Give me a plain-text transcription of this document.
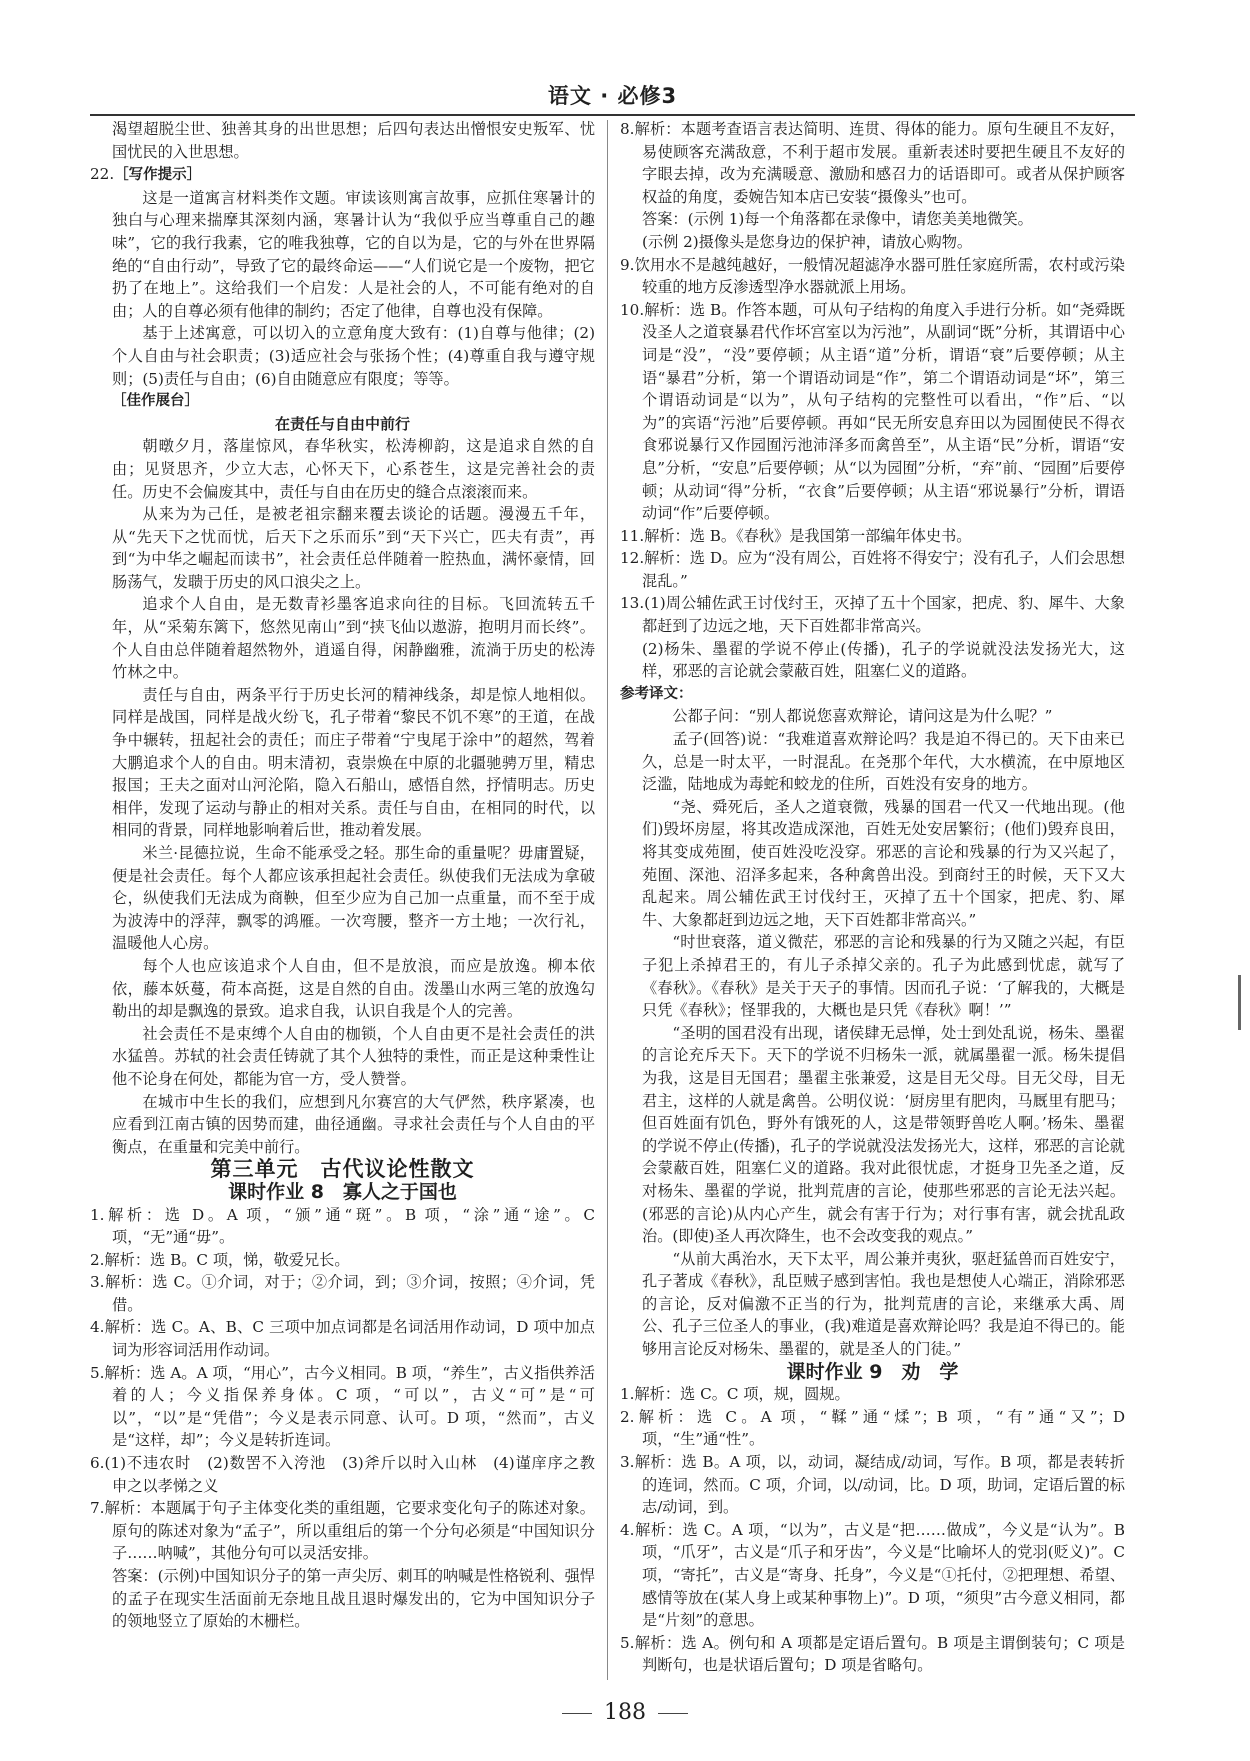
语文 · 必修3

渴望超脱尘世、独善其身的出世思想；后四句表达出憎恨安史叛军、忧国忧民的入世思想。

22.［写作提示］

这是一道寓言材料类作文题。审读该则寓言故事，应抓住寒暑计的独白与心理来揣摩其深刻内涵，寒暑计认为“我似乎应当尊重自己的趣味”，它的我行我素，它的唯我独尊，它的自以为是，它的与外在世界隔绝的“自由行动”，导致了它的最终命运——“人们说它是一个废物，把它扔了在地上”。这给我们一个启发：人是社会的人，不可能有绝对的自由；人的自尊必须有他律的制约；否定了他律，自尊也没有保障。

基于上述寓意，可以切入的立意角度大致有：(1)自尊与他律；(2)个人自由与社会职责；(3)适应社会与张扬个性；(4)尊重自我与遵守规则；(5)责任与自由；(6)自由随意应有限度；等等。

［佳作展台］

在责任与自由中前行

朝暾夕月，落崖惊风，春华秋实，松涛柳韵，这是追求自然的自由；见贤思齐，少立大志，心怀天下，心系苍生，这是完善社会的责任。历史不会偏废其中，责任与自由在历史的缝合点滚滚而来。

从来为为己任，是被老祖宗翻来覆去谈论的话题。漫漫五千年，从“先天下之忧而忧，后天下之乐而乐”到“天下兴亡，匹夫有责”，再到“为中华之崛起而读书”，社会责任总伴随着一腔热血，满怀豪情，回肠荡气，发聩于历史的风口浪尖之上。

追求个人自由，是无数青衫墨客追求向往的目标。飞回流转五千年，从“采菊东篱下，悠然见南山”到“挟飞仙以遨游，抱明月而长终”。个人自由总伴随着超然物外，逍遥自得，闲静幽雅，流淌于历史的松涛竹林之中。

责任与自由，两条平行于历史长河的精神线条，却是惊人地相似。同样是战国，同样是战火纷飞，孔子带着“黎民不饥不寒”的王道，在战争中辗转，扭起社会的责任；而庄子带着“宁曳尾于涂中”的超然，驾着大鹏追求个人的自由。明末清初，袁崇焕在中原的北疆驰骋万里，精忠报国；王夫之面对山河沦陷，隐入石船山，感悟自然，抒情明志。历史相伴，发现了运动与静止的相对关系。责任与自由，在相同的时代，以相同的背景，同样地影响着后世，推动着发展。

米兰·昆德拉说，生命不能承受之轻。那生命的重量呢？毋庸置疑，便是社会责任。每个人都应该承担起社会责任。纵使我们无法成为拿破仑，纵使我们无法成为商鞅，但至少应为自己加一点重量，而不至于成为波涛中的浮萍，飘零的鸿雁。一次弯腰，整齐一方土地；一次行礼，温暖他人心房。

每个人也应该追求个人自由，但不是放浪，而应是放逸。柳本依依，藤本妖蔓，荷本高挺，这是自然的自由。泼墨山水两三笔的放逸勾勒出的却是飘逸的景致。追求自我，认识自我是个人的完善。

社会责任不是束缚个人自由的枷锁，个人自由更不是社会责任的洪水猛兽。苏轼的社会责任铸就了其个人独特的秉性，而正是这种秉性让他不论身在何处，都能为官一方，受人赞誉。

在城市中生长的我们，应想到凡尔赛宫的大气俨然，秩序紧凑，也应看到江南古镇的因势而建，曲径通幽。寻求社会责任与个人自由的平衡点，在重量和完美中前行。

第三单元　古代议论性散文

课时作业 8　寡人之于国也

1.解析：选 D。A 项，“颁”通“斑”。B 项，“涂”通“途”。C 项，“无”通“毋”。

2.解析：选 B。C 项，悌，敬爱兄长。

3.解析：选 C。①介词，对于；②介词，到；③介词，按照；④介词，凭借。

4.解析：选 C。A、B、C 三项中加点词都是名词活用作动词，D 项中加点词为形容词活用作动词。

5.解析：选 A。A 项，“用心”，古今义相同。B 项，“养生”，古义指供养活着的人；今义指保养身体。C 项，“可以”，古义“可”是“可以”，“以”是“凭借”；今义是表示同意、认可。D 项，“然而”，古义是“这样，却”；今义是转折连词。

6.(1)不违农时　(2)数罟不入洿池　(3)斧斤以时入山林　(4)谨庠序之教　申之以孝悌之义

7.解析：本题属于句子主体变化类的重组题，它要求变化句子的陈述对象。原句的陈述对象为“孟子”，所以重组后的第一个分句必须是“中国知识分子……呐喊”，其他分句可以灵活安排。

答案：(示例)中国知识分子的第一声尖厉、刺耳的呐喊是性格锐利、强悍的孟子在现实生活面前无奈地且战且退时爆发出的，它为中国知识分子的领地竖立了原始的木栅栏。

8.解析：本题考查语言表达简明、连贯、得体的能力。原句生硬且不友好，易使顾客充满敌意，不利于超市发展。重新表述时要把生硬且不友好的字眼去掉，改为充满暖意、激励和感召力的话语即可。或者从保护顾客权益的角度，委婉告知本店已安装“摄像头”也可。

答案：(示例 1)每一个角落都在录像中，请您美美地微笑。

(示例 2)摄像头是您身边的保护神，请放心购物。

9.饮用水不是越纯越好，一般情况超滤净水器可胜任家庭所需，农村或污染较重的地方反渗透型净水器就派上用场。

10.解析：选 B。作答本题，可从句子结构的角度入手进行分析。如“尧舜既没圣人之道衰暴君代作坏宫室以为污池”，从副词“既”分析，其谓语中心词是“没”，“没”要停顿；从主语“道”分析，谓语“衰”后要停顿；从主语“暴君”分析，第一个谓语动词是“作”，第二个谓语动词是“坏”，第三个谓语动词是“以为”，从句子结构的完整性可以看出，“作”后、“以为”的宾语“污池”后要停顿。再如“民无所安息弃田以为园囿使民不得衣食邪说暴行又作园囿污池沛泽多而禽兽至”，从主语“民”分析，谓语“安息”分析，“安息”后要停顿；从“以为园囿”分析，“弃”前、“园囿”后要停顿；从动词“得”分析，“衣食”后要停顿；从主语“邪说暴行”分析，谓语动词“作”后要停顿。

11.解析：选 B。《春秋》是我国第一部编年体史书。

12.解析：选 D。应为“没有周公，百姓将不得安宁；没有孔子，人们会思想混乱。”

13.(1)周公辅佐武王讨伐纣王，灭掉了五十个国家，把虎、豹、犀牛、大象都赶到了边远之地，天下百姓都非常高兴。

(2)杨朱、墨翟的学说不停止(传播)，孔子的学说就没法发扬光大，这样，邪恶的言论就会蒙蔽百姓，阻塞仁义的道路。

参考译文：

公都子问：“别人都说您喜欢辩论，请问这是为什么呢？”

孟子(回答)说：“我难道喜欢辩论吗？我是迫不得已的。天下由来已久，总是一时太平，一时混乱。在尧那个年代，大水横流，在中原地区泛滥，陆地成为毒蛇和蛟龙的住所，百姓没有安身的地方。

“尧、舜死后，圣人之道衰微，残暴的国君一代又一代地出现。(他们)毁坏房屋，将其改造成深池，百姓无处安居繁衍；(他们)毁弃良田，将其变成苑囿，使百姓没吃没穿。邪恶的言论和残暴的行为又兴起了，苑囿、深池、沼泽多起来，各种禽兽出没。到商纣王的时候，天下又大乱起来。周公辅佐武王讨伐纣王，灭掉了五十个国家，把虎、豹、犀牛、大象都赶到边远之地，天下百姓都非常高兴。”

“时世衰落，道义微茫，邪恶的言论和残暴的行为又随之兴起，有臣子犯上杀掉君王的，有儿子杀掉父亲的。孔子为此感到忧虑，就写了《春秋》。《春秋》是关于天子的事情。因而孔子说：‘了解我的，大概是只凭《春秋》；怪罪我的，大概也是只凭《春秋》啊！’”

“圣明的国君没有出现，诸侯肆无忌惮，处士到处乱说，杨朱、墨翟的言论充斥天下。天下的学说不归杨朱一派，就属墨翟一派。杨朱提倡为我，这是目无国君；墨翟主张兼爱，这是目无父母。目无父母，目无君主，这样的人就是禽兽。公明仪说：‘厨房里有肥肉，马厩里有肥马；但百姓面有饥色，野外有饿死的人，这是带领野兽吃人啊。’杨朱、墨翟的学说不停止(传播)，孔子的学说就没法发扬光大，这样，邪恶的言论就会蒙蔽百姓，阻塞仁义的道路。我对此很忧虑，才挺身卫先圣之道，反对杨朱、墨翟的学说，批判荒唐的言论，使那些邪恶的言论无法兴起。(邪恶的言论)从内心产生，就会有害于行为；对行事有害，就会扰乱政治。(即使)圣人再次降生，也不会改变我的观点。”

“从前大禹治水，天下太平，周公兼并夷狄，驱赶猛兽而百姓安宁，孔子著成《春秋》，乱臣贼子感到害怕。我也是想使人心端正，消除邪恶的言论，反对偏激不正当的行为，批判荒唐的言论，来继承大禹、周公、孔子三位圣人的事业，(我)难道是喜欢辩论吗？我是迫不得已的。能够用言论反对杨朱、墨翟的，就是圣人的门徒。”

课时作业 9　劝　学

1.解析：选 C。C 项，规，圆规。

2.解析：选 C。A 项，“鞣”通“煣”；B 项，“有”通“又”；D 项，“生”通“性”。

3.解析：选 B。A 项，以，动词，凝结成/动词，写作。B 项，都是表转折的连词，然而。C 项，介词，以/动词，比。D 项，助词，定语后置的标志/动词，到。

4.解析：选 C。A 项，“以为”，古义是“把……做成”，今义是“认为”。B 项，“爪牙”，古义是“爪子和牙齿”，今义是“比喻坏人的党羽(贬义)”。C 项，“寄托”，古义是“寄身、托身”，今义是“①托付，②把理想、希望、感情等放在(某人身上或某种事物上)”。D 项，“须臾”古今意义相同，都是“片刻”的意思。

5.解析：选 A。例句和 A 项都是定语后置句。B 项是主谓倒装句；C 项是判断句，也是状语后置句；D 项是省略句。

188
